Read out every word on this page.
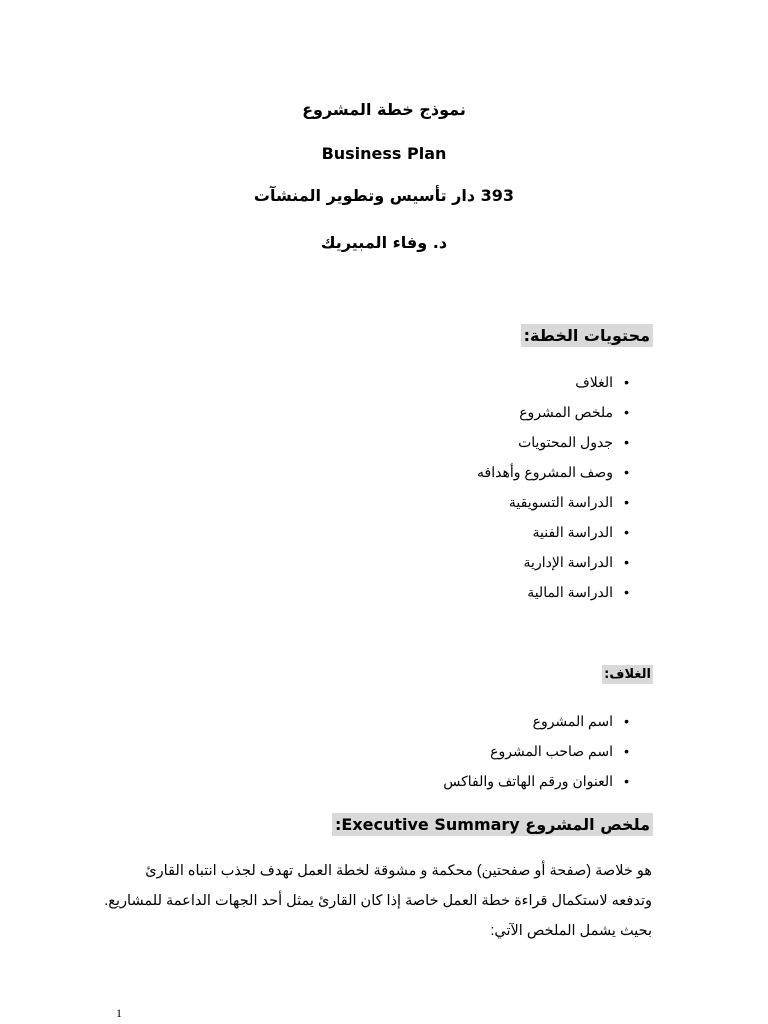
نموذج خطة المشروع
Business Plan
393 دار تأسيس وتطوير المنشآت
د. وفاء المبيريك
محتويات الخطة:
•
الغلاف
•
ملخص المشروع
•
جدول المحتويات
•
وصف المشروع وأهدافه
•
الدراسة التسويقية
•
الدراسة الفنية
•
الدراسة الإدارية
•
الدراسة المالية
الغلاف:
•
اسم المشروع
•
اسم صاحب المشروع
•
العنوان ورقم الهاتف والفاكس
ملخص المشروع Executive Summary:

هو خلاصة (صفحة أو صفحتين) محكمة و مشوقة لخطة العمل تهدف لجذب انتباه القارئ

وتدفعه لاستكمال قراءة خطة العمل خاصة إذا كان القارئ يمثل أحد الجهات الداعمة للمشاريع.

بحيث يشمل الملخص الآتي:

1
